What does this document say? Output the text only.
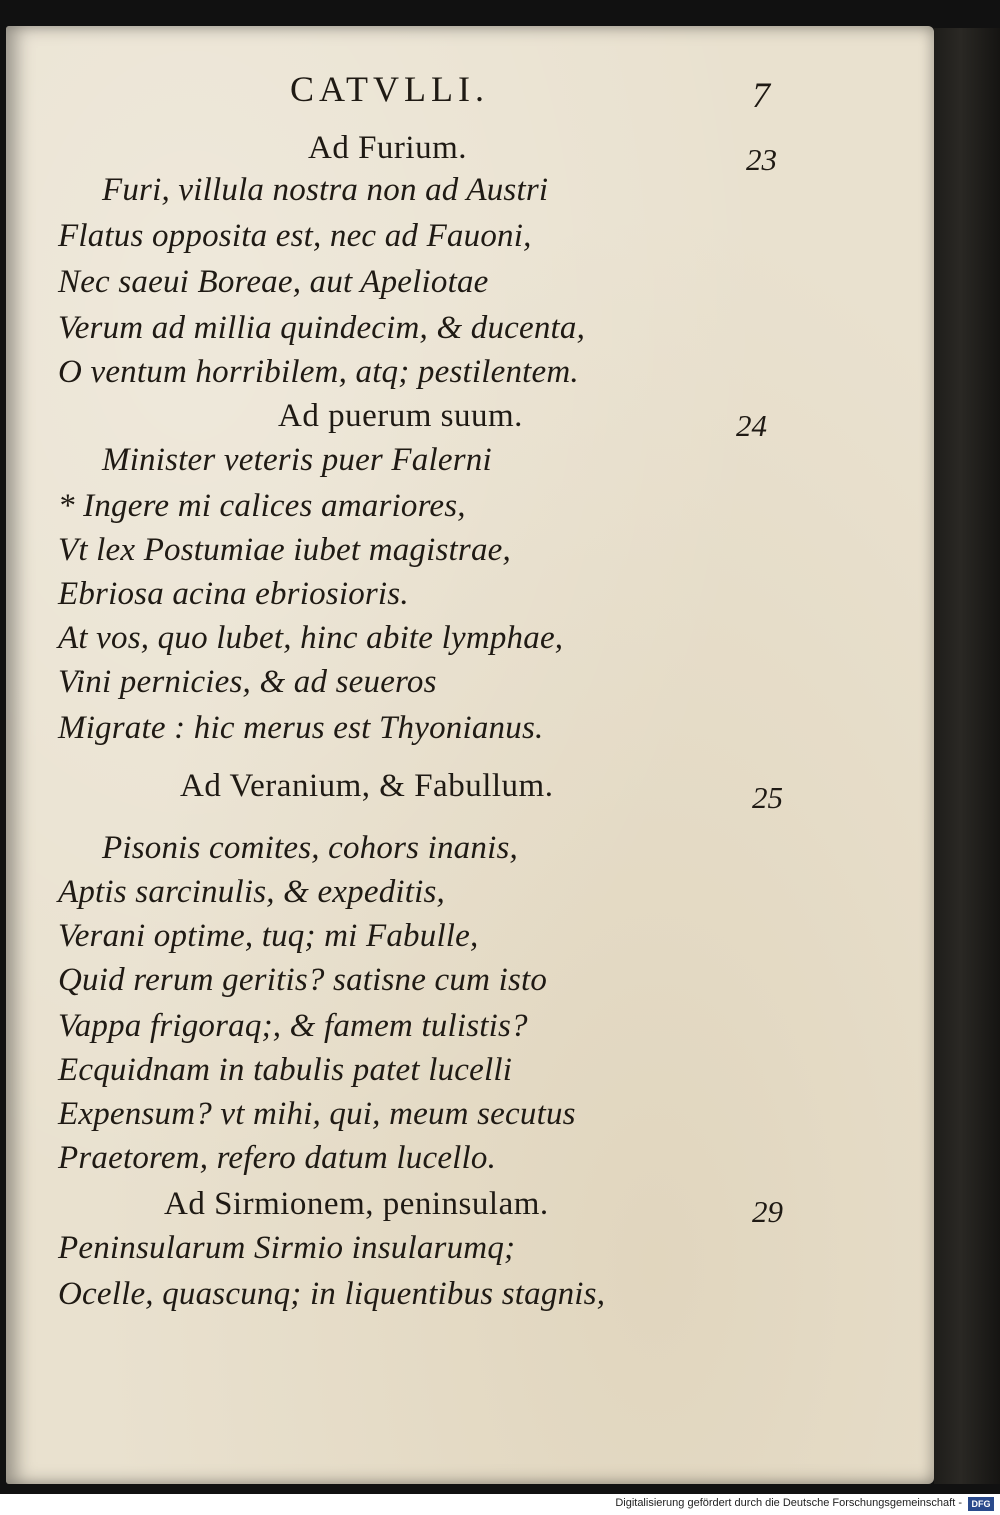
CATVLLI.	7
Ad Furium.	23
Furi, villula nostra non ad Austri
Flatus opposita est, nec ad Fauoni,
Nec saeui Boreae, aut Apeliotae
Verum ad millia quindecim, & ducenta,
O ventum horribilem, atq; pestilentem.
Ad puerum suum.	24
Minister veteris puer Falerni
* Ingere mi calices amariores,
Vt lex Postumiae iubet magistrae,
Ebriosa acina ebriosioris.
At vos, quo lubet, hinc abite lymphae,
Vini pernicies, & ad seueros
Migrate : hic merus est Thyonianus.
Ad Veranium, & Fabullum.	25
Pisonis comites, cohors inanis,
Aptis sarcinulis, & expeditis,
Verani optime, tuq; mi Fabulle,
Quid rerum geritis? satisne cum isto
Vappa frigoraq;, & famem tulistis?
Ecquidnam in tabulis patet lucelli
Expensum? vt mihi, qui, meum secutus
Praetorem, refero datum lucello.
Ad Sirmionem, peninsulam.	29
Peninsularum Sirmio insularumq;
Ocelle, quascunq; in liquentibus stagnis,
Digitalisierung gefördert durch die Deutsche Forschungsgemeinschaft -	DFG
